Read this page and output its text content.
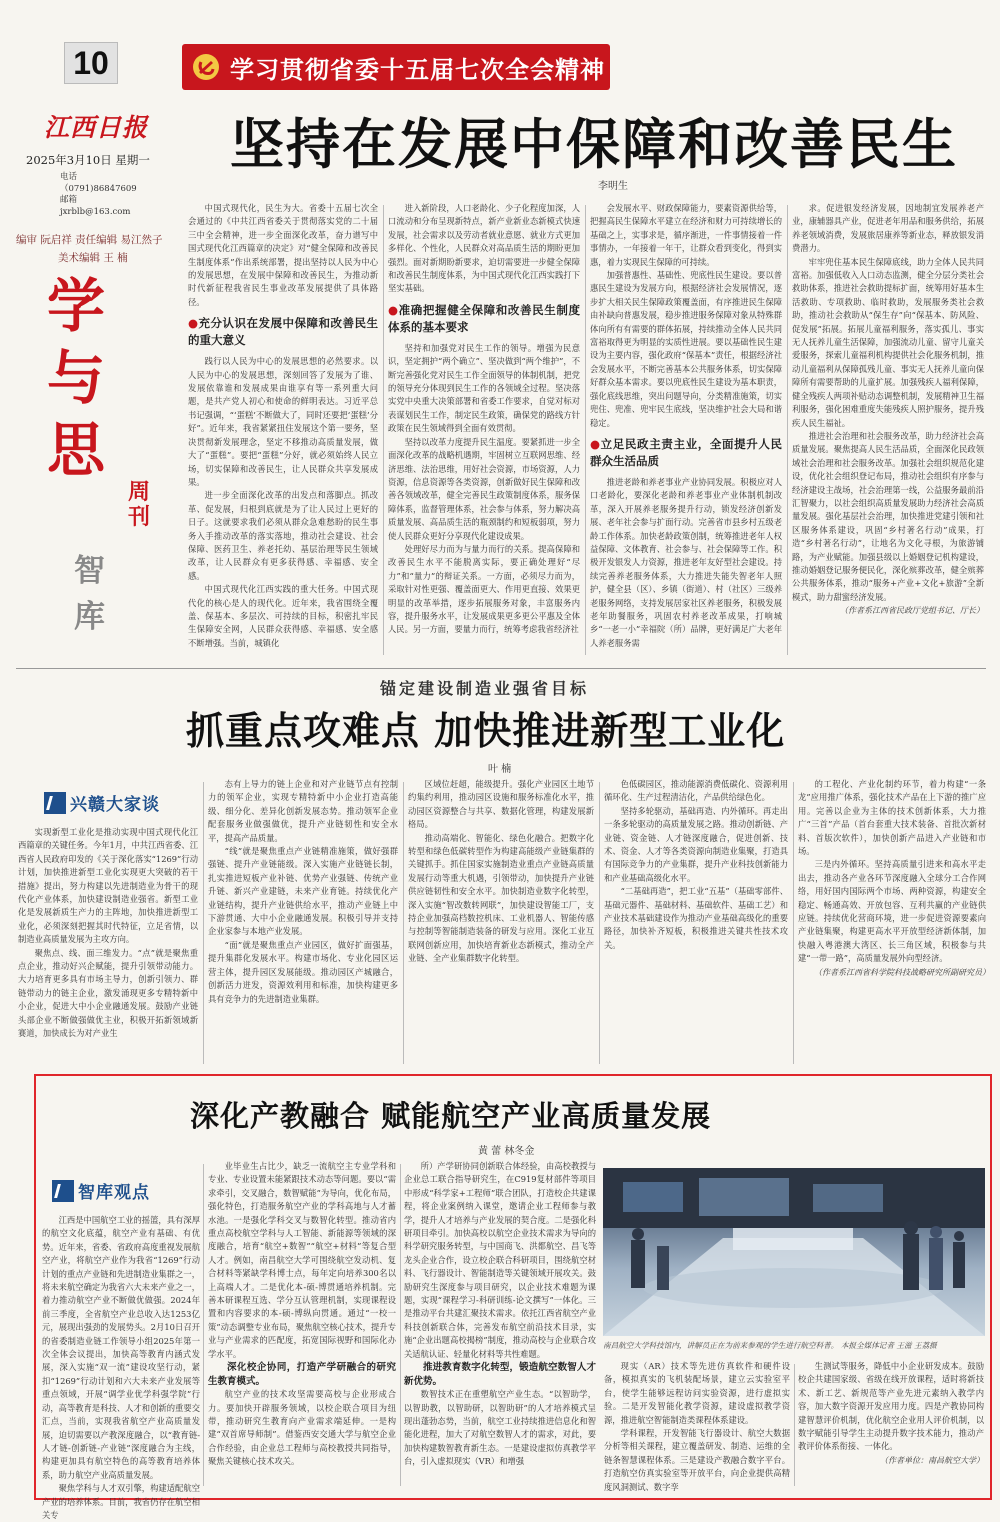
10	学习贯彻省委十五届七次全会精神
江西日报
2025年3月10日 星期一
电话
（0791)86847609
邮箱
jxrblb@163.com
编审 阮启祥 责任编辑 易江然子
美术编辑 王 楠
学与思
周刊
智库
坚持在发展中保障和改善民生
李明生

中国式现代化，民生为大。省委十五届七次全会通过的《中共江西省委关于贯彻落实党的二十届三中全会精神，进一步全面深化改革，奋力谱写中国式现代化江西篇章的决定》对“健全保障和改善民生制度体系”作出系统部署，提出坚持以人民为中心的发展思想，在发展中保障和改善民生，为推动新时代新征程我省民生事业改革发展提供了具体路径。

●充分认识在发展中保障和改善民生的重大意义

践行以人民为中心的发展思想的必然要求。以人民为中心的发展思想，深刻回答了发展为了谁、发展依靠谁和发展成果由谁享有等一系列重大问题，是共产党人初心和使命的鲜明表达。习近平总书记强调，“‘蛋糕’不断做大了，同时还要把‘蛋糕’分好”。近年来，我省紧紧扭住发展这个第一要务，坚决贯彻新发展理念，坚定不移推动高质量发展，做大了“蛋糕”。要把“蛋糕”分好，就必须始终人民立场，切实保障和改善民生，让人民群众共享发展成果。

进一步全面深化改革的出发点和落脚点。抓改革、促发展，归根到底就是为了让人民过上更好的日子。这就要求我们必须从群众急难愁盼的民生事务入手推动改革的落实落地，推动社会建设、社会保障、医药卫生、养老托幼、基层治理等民生领域改革，让人民群众有更多获得感、幸福感、安全感。

中国式现代化江西实践的重大任务。中国式现代化的核心是人的现代化。近年来，我省围绕全覆盖、保基本、多层次、可持续的目标，积密扎牢民生保障安全网，人民群众获得感、幸福感、安全感不断增强。当前，城镇化

进入新阶段，人口老龄化、少子化程度加深，人口流动和分布呈现新特点，新产业新业态新模式快速发展，社会需求以及劳动者就业意愿、就业方式更加多样化、个性化，人民群众对高品质生活的期盼更加强烈。面对新期盼新要求，迫切需要进一步健全保障和改善民生制度体系，为中国式现代化江西实践打下坚实基础。

●准确把握健全保障和改善民生制度体系的基本要求

坚持和加强党对民生工作的领导。增强为民意识，坚定拥护“两个确立”、坚决做到“两个维护”，不断完善强化党对民生工作全面领导的体制机制，把党的领导充分体现到民生工作的各领域全过程。坚决落实党中央重大决策部署和省委工作要求，自觉对标对表谋划民生工作，制定民生政策，确保党的路线方针政策在民生领域得到全面有效贯彻。

坚持以改革力度提升民生温度。要紧抓进一步全面深化改革的战略机遇期，牢固树立互联网思维、经济思维、法治思维，用好社会资源，市场资源，人力资源，信息资源等各类资源，创新做好民生保障和改善各领域改革，健全完善民生政策制度体系，服务保障体系，监督管理体系，社会参与体系，努力解决高质量发展、高品质生活的瓶颈制约和短板弱项，努力使人民群众更好分享现代化建设成果。

处理好尽力而为与量力而行的关系。提高保障和改善民生水平不能脱离实际，要正确处理好“尽力”和“量力”的辩证关系。一方面，必须尽力而为，采取针对性更强、覆盖面更大、作用更直接、效果更明显的改革举措，逐步拓展服务对象，丰富服务内容，提升服务水平，让发展成果更多更公平惠及全体人民。另一方面，要量力而行，统筹考虑我省经济社

会发展水平、财政保障能力，要素资源供给等，把握高民生保障水平建立在经济和财力可持续增长的基础之上，实事求是，循序渐进，一件事情接着一件事情办，一年接着一年干，让群众看到变化，得到实惠，着力实现民生保障的可持续。

加强普惠性、基础性、兜底性民生建设。要以普惠民生建设为发展方向，根据经济社会发展情况，逐步扩大相关民生保障政策覆盖面，有序推进民生保障由补缺向普惠发展，稳步推进服务保障对象从特殊群体向所有有需要的群体拓展，持续推动全体人民共同富裕取得更为明显的实质性进展。要以基础性民生建设为主要内容，强化政府“保基本”责任，根据经济社会发展水平，不断完善基本公共服务体系，切实保障好群众基本需求。要以兜底性民生建设为基本职责，强化底线思维，突出问题导向，分类精准施策，切实兜住、兜准、兜牢民生底线，坚决维护社会大局和谐稳定。

●立足民政主责主业，全面提升人民群众生活品质

推进老龄和养老事业产业协同发展。积极应对人口老龄化，要深化老龄和养老事业产业体制机制改革，深入开展养老服务提升行动，锁发经济创新发展、老年社会参与扩面行动。完善省市县乡村五级老龄工作体系。加快老龄政策创制，统筹推进老年人权益保障、文体教育、社会参与、社会保障等工作。积极开发银发人力资源，推进老年友好型社会建设。持续完善养老服务体系，大力推进失能失智老年人照护，健全县（区）、乡镇（街道）、村（社区）三级养老服务网络，支持发展居家社区养老服务，积极发展老年助餐服务，巩固农村养老改革成果，打响城乡“一老一小”幸福院（所）品牌，更好满足广大老年人养老服务需

求。促进银发经济发展，因地制宜发展养老产业，康辅器具产业，促进老年用品和服务供给，拓展养老领域消费，发展旅居康养等新业态，释放银发消费潜力。

牢牢兜住基本民生保障底线，助力全体人民共同富裕。加强低收入人口动态监测，健全分层分类社会救助体系，推进社会救助提标扩面，统筹用好基本生活救助、专项救助、临时救助，发展服务类社会救助，推动社会救助从“保生存”向“保基本、防风险、促发展”拓展。拓展儿童福利服务，落实孤儿、事实无人抚养儿童生活保障，加强流动儿童、留守儿童关爱服务，探索儿童福利机构提供社会化服务机制，推动儿童福利从保障孤残儿童、事实无人抚养儿童向保障所有需要帮助的儿童扩展。加强残疾人福利保障，健全残疾人两项补贴动态调整机制，发展精神卫生福利服务，强化困难重度失能残疾人照护服务，提升残疾人民生福祉。

推进社会治理和社会服务改革，助力经济社会高质量发展。聚焦提高人民生活品质，全面深化民政领域社会治理和社会服务改革。加强社会组织规范化建设，优化社会组织登记布局，推动社会组织有序参与经济建设主战场，社会治理第一线，公益服务最前沿汇智聚力，以社会组织高质量发展助力经济社会高质量发展。强化基层社会治理，加快推进党建引领和社区服务体系建设，巩固“乡村著名行动”成果，打造“乡村著名行动”，让地名为文化寻根，为旅游铺路，为产业赋能。加强县级以上婚姻登记机构建设，推动婚姻登记服务便民化，深化殡葬改革，健全殡葬公共服务体系，推动“服务+产业+文化+旅游”全新模式，助力甜蜜经济发展。

（作者系江西省民政厅党组书记、厅长）

锚定建设制造业强省目标
抓重点攻难点 加快推进新型工业化
叶 楠
兴赣大家谈

实现新型工业化是推动实现中国式现代化江西篇章的关键任务。今年1月，中共江西省委、江西省人民政府印发的《关于深化落实“1269”行动计划，加快推进新型工业化实现更大突破的若干措施》提出，努力构建以先进制造业为骨干的现代化产业体系，加快建设制造业强省。新型工业化是发展新质生产力的主阵地，加快推进新型工业化，必须深刻把握其时代特征，立足省情，以制造业高质量发展为主攻方向。

聚焦点、线、面三维发力。“点”就是聚焦重点企业，推动好兴企赋能，提升引领带动能力。大力培育更多具有市场主导力，创新引领力、群链带动力的链主企业，激发涌现更多专精特新中小企业，促进大中小企业融通发展。鼓励产业链头部企业不断做强做优主业，积极开拓新领域新赛道，加快成长为对产业生

态有上导力的链上企业和对产业链节点有控制力的领军企业，实现专精特新中小企业打造高能级、细分化、差异化创新发展态势。推动领军企业配套服务业做强做优，提升产业链韧性和安全水平，提高产品质量。

“线”就是聚焦重点产业链精准施策，做好强群强链、提升产业链能级。深入实施产业链链长制，扎实推进短板产业补链、优势产业强链、传统产业升链、新兴产业建链，未来产业育链。持续优化产业链结构，提升产业链供给水平，推动产业链上中下游贯通、大中小企业融通发展。积极引导并支持企业家参与本地产业发展。

“面”就是聚焦重点产业园区，做好扩面强基，提升集群化发展水平。构建市场化、专业化园区运营主体，提升园区发展能级。推动园区产城融合，创新活力迸发，资源效利用和标准，加快构建更多具有竞争力的先进制造业集群。

区域位赶超，能级提升。强化产业园区土地节约集约利用，推动园区设施和服务标准化水平，推动园区资源整合与共享、数据化管理，构建发展新格局。

推动高端化、智能化、绿色化融合。把数字化转型和绿色低碳转型作为构建高能级产业链集群的关键抓手。抓住国家实施制造业重点产业链高质量发展行动等重大机遇，引领带动，加快提升产业链供应链韧性和安全水平。加快制造业数字化转型，深入实施“智改数转网联”，加快建设智能工厂，支持企业加强高档数控机床、工业机器人、智能传感与控制等智能制造装备的研发与应用。深化工业互联网创新应用，加快培育新业态新模式，推动全产业链、全产业集群数字化转型。

色低碳园区，推动能源消费低碳化、资源利用循环化、生产过程清洁化，产品供给绿色化。

坚持多轮驱动，基础再造、内外循环。再走出一条多轮驱动的高质量发展之路。推动创新链、产业链、资金链、人才链深度融合，促进创新、技术、资金、人才等各类资源向制造业集聚，打造具有国际竞争力的产业集群，提升产业科技创新能力和产业基础高级化水平。

“二基础再造”，把工业“五基”（基础零部件、基础元器件、基础材料、基础软件、基础工艺）和产业技术基础建设作为推动产业基础高级化的重要路径，加快补齐短板，积极推进关键共性技术攻关。

的工程化、产业化制约环节，着力构建“一条龙”应用推广体系，强化技术产品在上下游的推广应用。完善以企业为主体的技术创新体系，大力推广“三首”产品（首台套重大技术装备、首批次新材料、首版次软件），加快创新产品进入产业链和市场。

三是内外循环。坚持高质量引进来和高水平走出去，推动各产业各环节深度融入全球分工合作网络，用好国内国际两个市场、两种资源，构建安全稳定、畅通高效、开放包容、互利共赢的产业链供应链。持续优化营商环境，进一步促进资源要素向产业链集聚，构建更高水平开放型经济新体制，加快融入粤港澳大湾区、长三角区域，积极参与共建“一带一路”，高质量发展外向型经济。

（作者系江西省科学院科技战略研究所副研究员）

深化产教融合 赋能航空产业高质量发展
黄 蕾 林冬金
智库观点

江西是中国航空工业的摇篮，具有深厚的航空文化底蕴，航空产业有基础、有优势。近年来，省委、省政府高度重视发展航空产业，将航空产业作为我省“1269”行动计划的重点产业链和先进制造业集群之一，将未来航空确定为我省六大未来产业之一，着力推动航空产业不断做优做强。2024年前三季度，全省航空产业总收入达1253亿元，展现出强劲的发展势头。2月10日召开的省委制造业链工作领导小组2025年第一次全体会议提出，加快高等教育内涵式发展，深入实施“双一流”建设攻坚行动，紧扣“1269”行动计划和六大未来产业发展等重点领域，开展“调学业优学科强学院”行动，高等教育是科技、人才和创新的重要交汇点，当前，实现我省航空产业高质量发展，迫切需要以产教深度融合，以“教育链-人才链-创新链-产业链”深度融合为主线，构建更加具有航空特色的高等教育培养体系，助力航空产业高质量发展。

聚焦学科与人才双引擎，构建适配航空产业的培养体系。目前，我省仍存在航空相关专

业毕业生占比少，缺乏一流航空主专业学科和专业、专业设置未能紧跟技术动态等问题。要以“需求牵引，交叉融合，数智赋能”为导向，优化布局，强化特色，打造服务航空产业的学科高地与人才蓄水池。一是强化学科交叉与数智化转型。推动省内重点高校航空学科与人工智能、新能源等领域的深度融合，培育“航空+数智”“航空+材料”等复合型人才。例如，南昌航空大学可围绕航空发动机、复合材料等紧缺学科博士点，每年定向培养300名以上高端人才。二是优化本-硕-博贯通培养机制。完善本研课程互选、学分互认管理机制，实现课程设置和内容要求的本-硕-博纵向贯通。通过“一校一策”动态调整专业布局，聚焦航空核心技术，提升专业与产业需求的匹配度，拓宽国际视野和国际化办学水平。

深化校企协同，打造产学研融合的研究生教育模式。

航空产业的技术攻坚需要高校与企业形成合力。要加快开辟服务领域，以校企联合项目为纽带，推动研究生教育向产业需求端延伸。一是构建“双首席导师制”。借鉴西安交通大学与航空企业合作经验，由企业总工程师与高校教授共同指导，聚焦关键核心技术攻关。

所）产学研协同创新联合体经验，由高校教授与企业总工联合指导研究生，在C919复材部件等项目中形成“科学家+工程师”联合团队，打造校企共建课程，将企业案例纳入课堂，邀请企业工程师参与教学，提升人才培养与产业发展的契合度。二是强化科研项目牵引。加快高校以航空企业技术需求为导向的科学研究服务转型，与中国商飞、洪都航空、昌飞等龙头企业合作，设立校企联合科研项目，围绕航空材料、飞行器设计、智能制造等关键领域开展攻关。鼓励研究生深度参与项目研究，以企业技术难题为课题，实现“课程学习-科研训练-论文撰写”一体化。三是推动平台共建汇聚技术需求。依托江西省航空产业科技创新联合体，完善发布航空前沿技术目录，实施“企业出题高校揭榜”制度，推动高校与企业联合攻关适航认证、轻量化材料等共性难题。

推进教育数字化转型，锻造航空数智人才新优势。

数智技术正在重塑航空产业生态。“以智助学，以智助教，以智助研，以智助研”的人才培养模式呈现出蓬勃态势，当前，航空工业持续推进信息化和智能化进程，加大了对航空数智人才的需求，对此，要加快构建数智教育新生态。一是建设虚拟仿真教学平台，引入虚拟现实（VR）和增强

南昌航空大学科技馆内，讲解员正在为前来参观的学生进行航空科普。 本报全媒体记者 王滋 王荔摄

现实（AR）技术等先进仿真软件和硬件设备，模拟真实的飞机装配场景，建立云实验室平台，使学生能够远程访问实验资源，进行虚拟实验。二是开发智能化教学资源，建设虚拟教学资源，推进航空智能制造类课程体系建设。

学科课程，开发智能飞行器设计、航空大数据分析等相关课程，建立覆盖研发、制造、运维的全链条智慧课程体系。三是建设产教融合数字平台。打造航空仿真实验室等开放平台，向企业提供高精度风洞测试、数字孪

生测试等服务，降低中小企业研发成本。鼓励校企共建国家级、省级在线开放课程，适时将新技术、新工艺、新规范等产业先进元素纳入教学内容，加大数字资源开发应用力度。四是产教协同构建智慧评价机制，优化航空企业用人评价机制，以数字赋能引导学生主动提升数字技术能力，推动产教评价体系衔接、一体化。

（作者单位：南昌航空大学）
